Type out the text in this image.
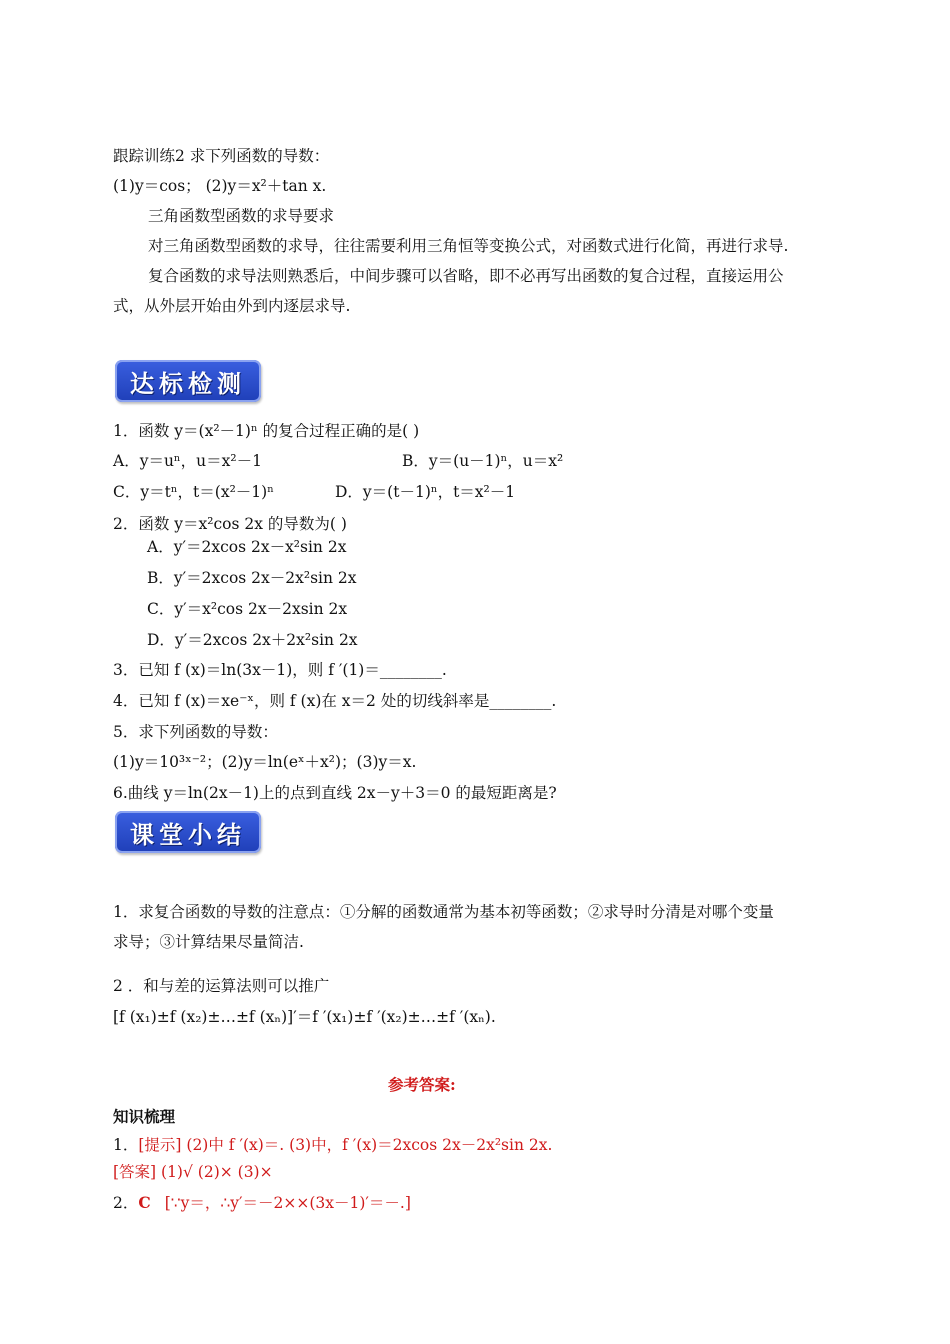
跟踪训练2 求下列函数的导数：
(1)y＝cos； (2)y＝x²＋tan x.
三角函数型函数的求导要求
对三角函数型函数的求导，往往需要利用三角恒等变换公式，对函数式进行化简，再进行求导.
复合函数的求导法则熟悉后，中间步骤可以省略，即不必再写出函数的复合过程，直接运用公
式，从外层开始由外到内逐层求导.
达标检测
1．函数 y＝(x²－1)ⁿ 的复合过程正确的是( )
A．y＝uⁿ，u＝x²－1	B．y＝(u－1)ⁿ，u＝x²
C．y＝tⁿ，t＝(x²－1)ⁿ	D．y＝(t－1)ⁿ，t＝x²－1
2．函数 y＝x²cos 2x 的导数为( )
A．y′＝2xcos 2x－x²sin 2x
B．y′＝2xcos 2x－2x²sin 2x
C．y′＝x²cos 2x－2xsin 2x
D．y′＝2xcos 2x＋2x²sin 2x
3．已知 f (x)＝ln(3x－1)，则 f ′(1)＝________.
4．已知 f (x)＝xe⁻ˣ，则 f (x)在 x＝2 处的切线斜率是________.
5．求下列函数的导数：
(1)y＝10³ˣ⁻²；(2)y＝ln(eˣ＋x²)；(3)y＝x.
6.曲线 y＝ln(2x－1)上的点到直线 2x－y＋3＝0 的最短距离是?
课堂小结
1．求复合函数的导数的注意点：①分解的函数通常为基本初等函数；②求导时分清是对哪个变量
求导；③计算结果尽量简洁.
2 ．和与差的运算法则可以推广
[f (x₁)±f (x₂)±…±f (xₙ)]′＝f ′(x₁)±f ′(x₂)±…±f ′(xₙ).
参考答案:
知识梳理
1．[提示] (2)中 f ′(x)＝. (3)中，f ′(x)＝2xcos 2x－2x²sin 2x.
[答案] (1)√ (2)× (3)×
2．C [∵y＝，∴y′＝－2××(3x－1)′＝－.]
